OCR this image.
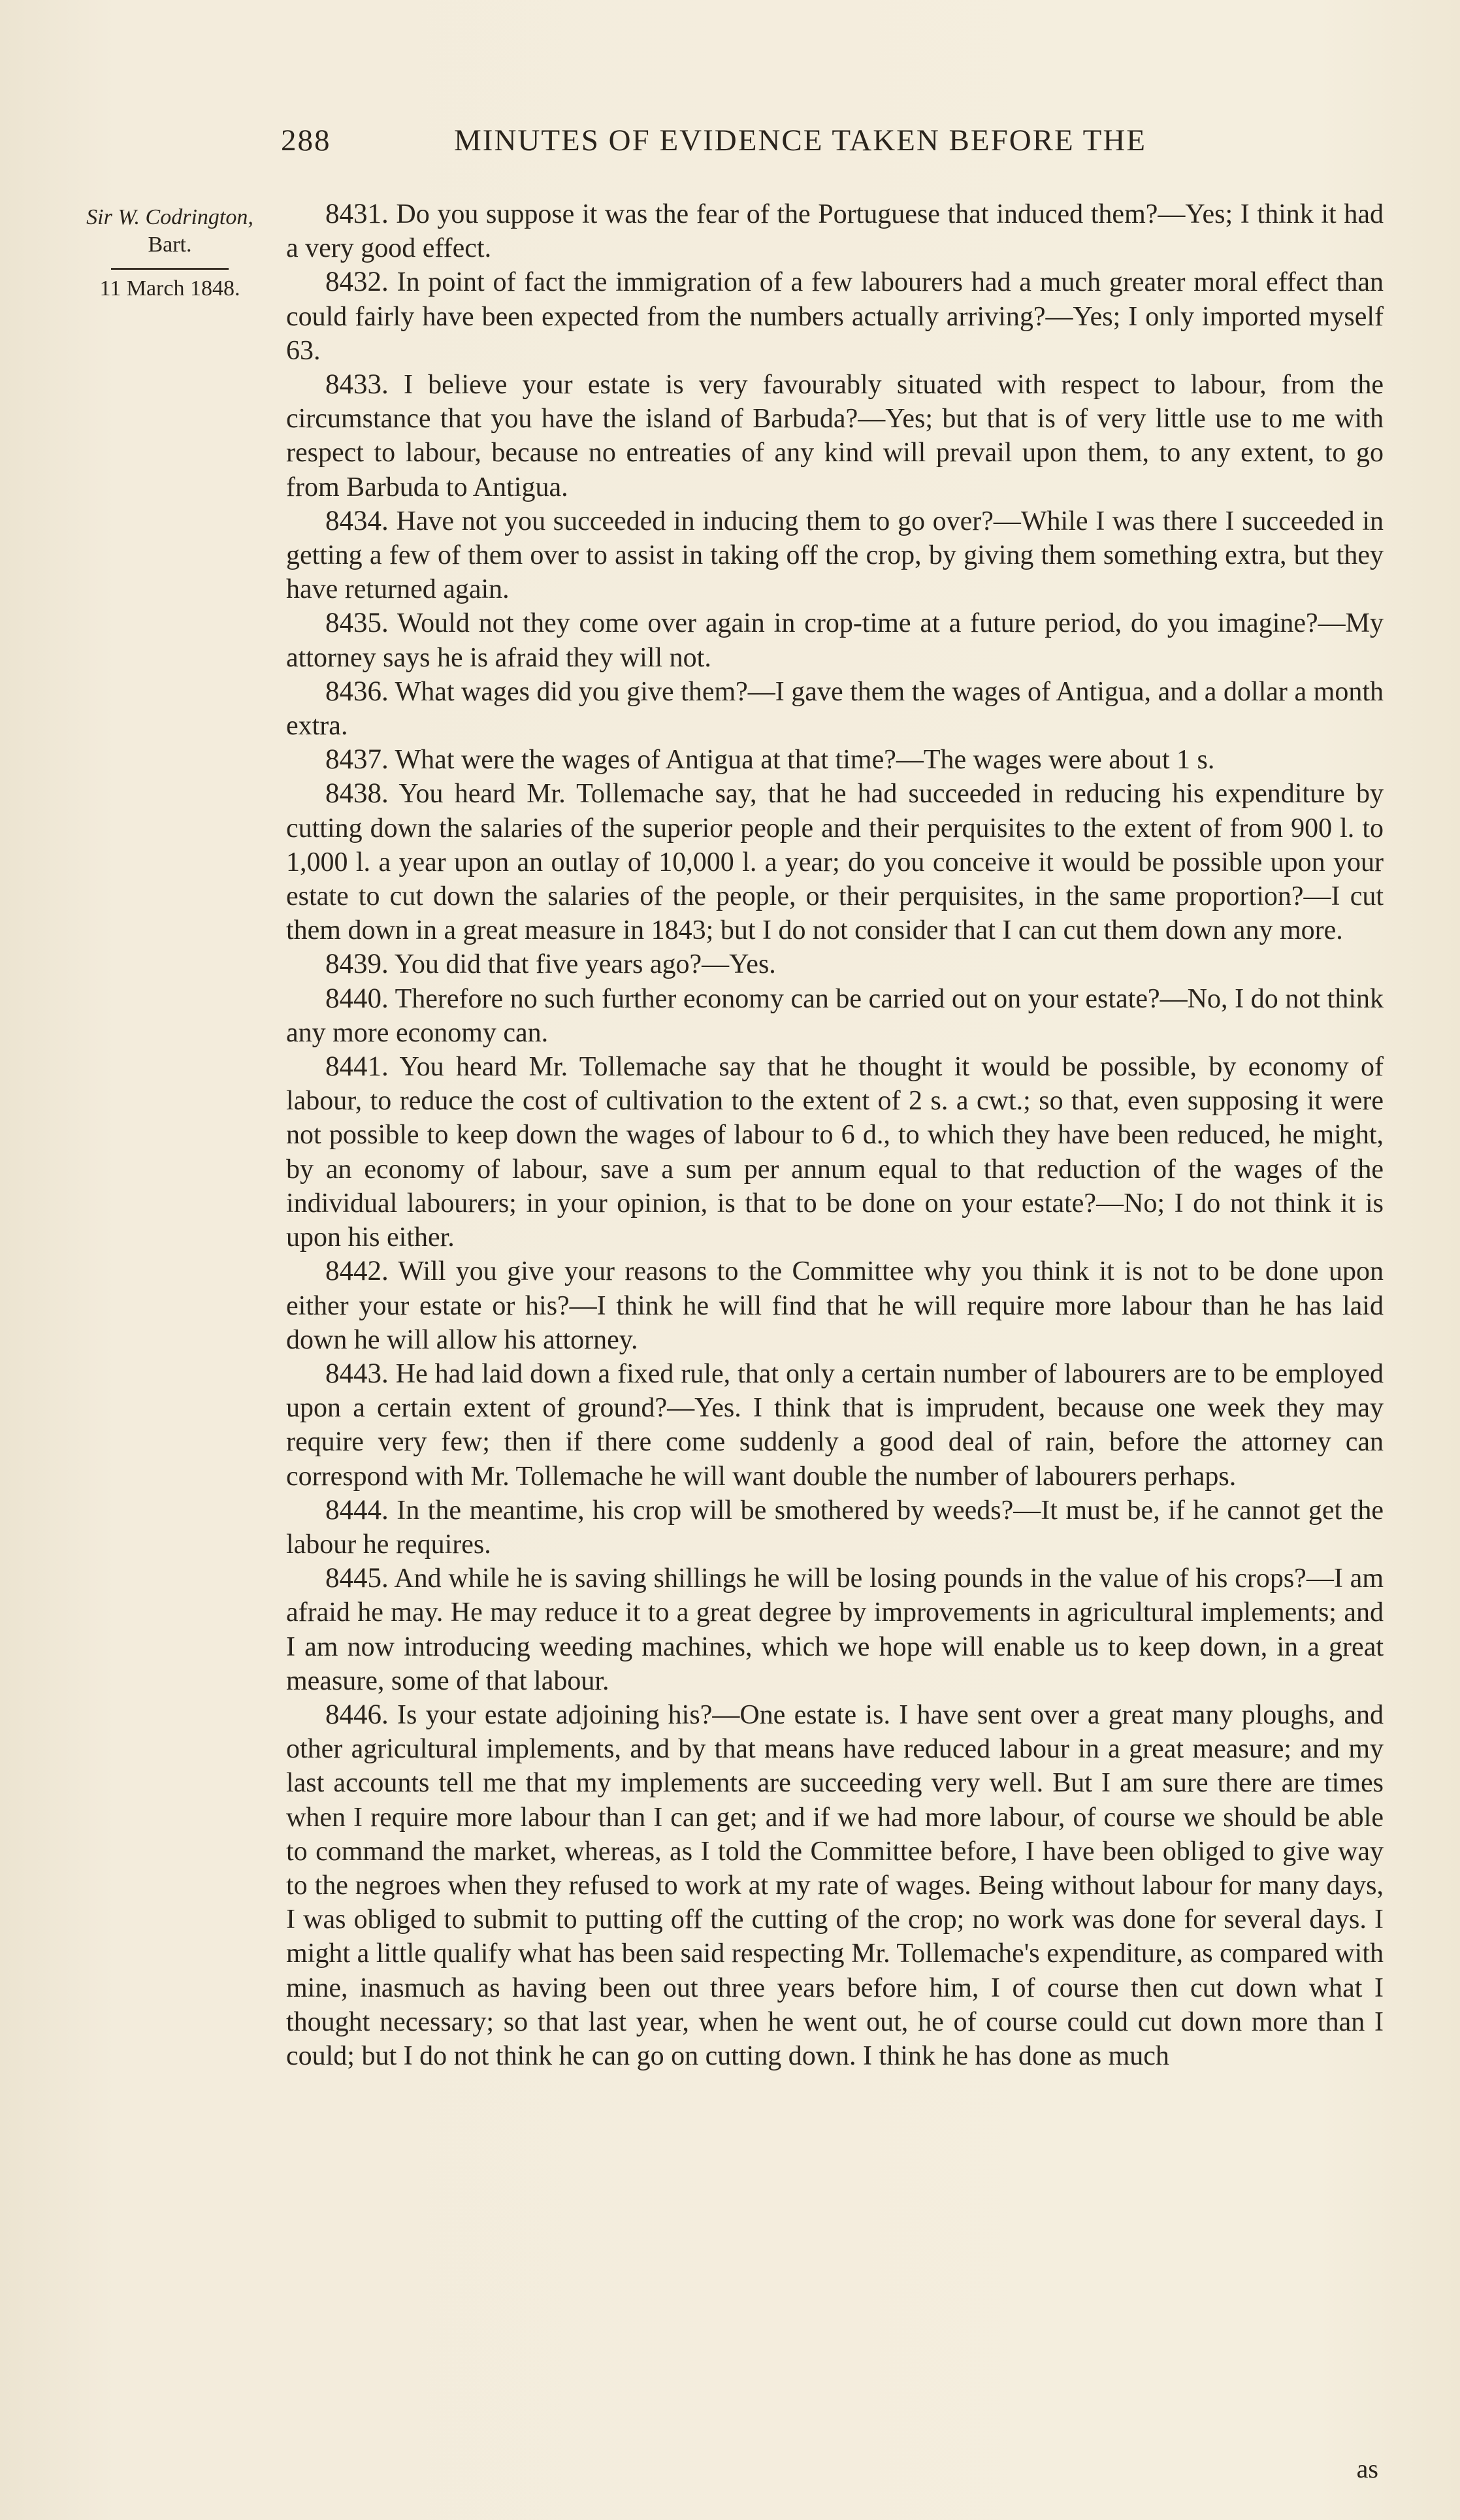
288	MINUTES OF EVIDENCE TAKEN BEFORE THE
Sir W. Codrington,
Bart.
11 March 1848.

8431. Do you suppose it was the fear of the Portuguese that induced them?—Yes; I think it had a very good effect.

8432. In point of fact the immigration of a few labourers had a much greater moral effect than could fairly have been expected from the numbers actually arriving?—Yes; I only imported myself 63.

8433. I believe your estate is very favourably situated with respect to labour, from the circumstance that you have the island of Barbuda?—Yes; but that is of very little use to me with respect to labour, because no entreaties of any kind will prevail upon them, to any extent, to go from Barbuda to Antigua.

8434. Have not you succeeded in inducing them to go over?—While I was there I succeeded in getting a few of them over to assist in taking off the crop, by giving them something extra, but they have returned again.

8435. Would not they come over again in crop-time at a future period, do you imagine?—My attorney says he is afraid they will not.

8436. What wages did you give them?—I gave them the wages of Antigua, and a dollar a month extra.

8437. What were the wages of Antigua at that time?—The wages were about 1 s.

8438. You heard Mr. Tollemache say, that he had succeeded in reducing his expenditure by cutting down the salaries of the superior people and their perquisites to the extent of from 900 l. to 1,000 l. a year upon an outlay of 10,000 l. a year; do you conceive it would be possible upon your estate to cut down the salaries of the people, or their perquisites, in the same proportion?—I cut them down in a great measure in 1843; but I do not consider that I can cut them down any more.

8439. You did that five years ago?—Yes.

8440. Therefore no such further economy can be carried out on your estate?—No, I do not think any more economy can.

8441. You heard Mr. Tollemache say that he thought it would be possible, by economy of labour, to reduce the cost of cultivation to the extent of 2 s. a cwt.; so that, even supposing it were not possible to keep down the wages of labour to 6 d., to which they have been reduced, he might, by an economy of labour, save a sum per annum equal to that reduction of the wages of the individual labourers; in your opinion, is that to be done on your estate?—No; I do not think it is upon his either.

8442. Will you give your reasons to the Committee why you think it is not to be done upon either your estate or his?—I think he will find that he will require more labour than he has laid down he will allow his attorney.

8443. He had laid down a fixed rule, that only a certain number of labourers are to be employed upon a certain extent of ground?—Yes. I think that is imprudent, because one week they may require very few; then if there come suddenly a good deal of rain, before the attorney can correspond with Mr. Tollemache he will want double the number of labourers perhaps.

8444. In the meantime, his crop will be smothered by weeds?—It must be, if he cannot get the labour he requires.

8445. And while he is saving shillings he will be losing pounds in the value of his crops?—I am afraid he may. He may reduce it to a great degree by improvements in agricultural implements; and I am now introducing weeding machines, which we hope will enable us to keep down, in a great measure, some of that labour.

8446. Is your estate adjoining his?—One estate is. I have sent over a great many ploughs, and other agricultural implements, and by that means have reduced labour in a great measure; and my last accounts tell me that my implements are succeeding very well. But I am sure there are times when I require more labour than I can get; and if we had more labour, of course we should be able to command the market, whereas, as I told the Committee before, I have been obliged to give way to the negroes when they refused to work at my rate of wages. Being without labour for many days, I was obliged to submit to putting off the cutting of the crop; no work was done for several days. I might a little qualify what has been said respecting Mr. Tollemache's expenditure, as compared with mine, inasmuch as having been out three years before him, I of course then cut down what I thought necessary; so that last year, when he went out, he of course could cut down more than I could; but I do not think he can go on cutting down. I think he has done as much

as
